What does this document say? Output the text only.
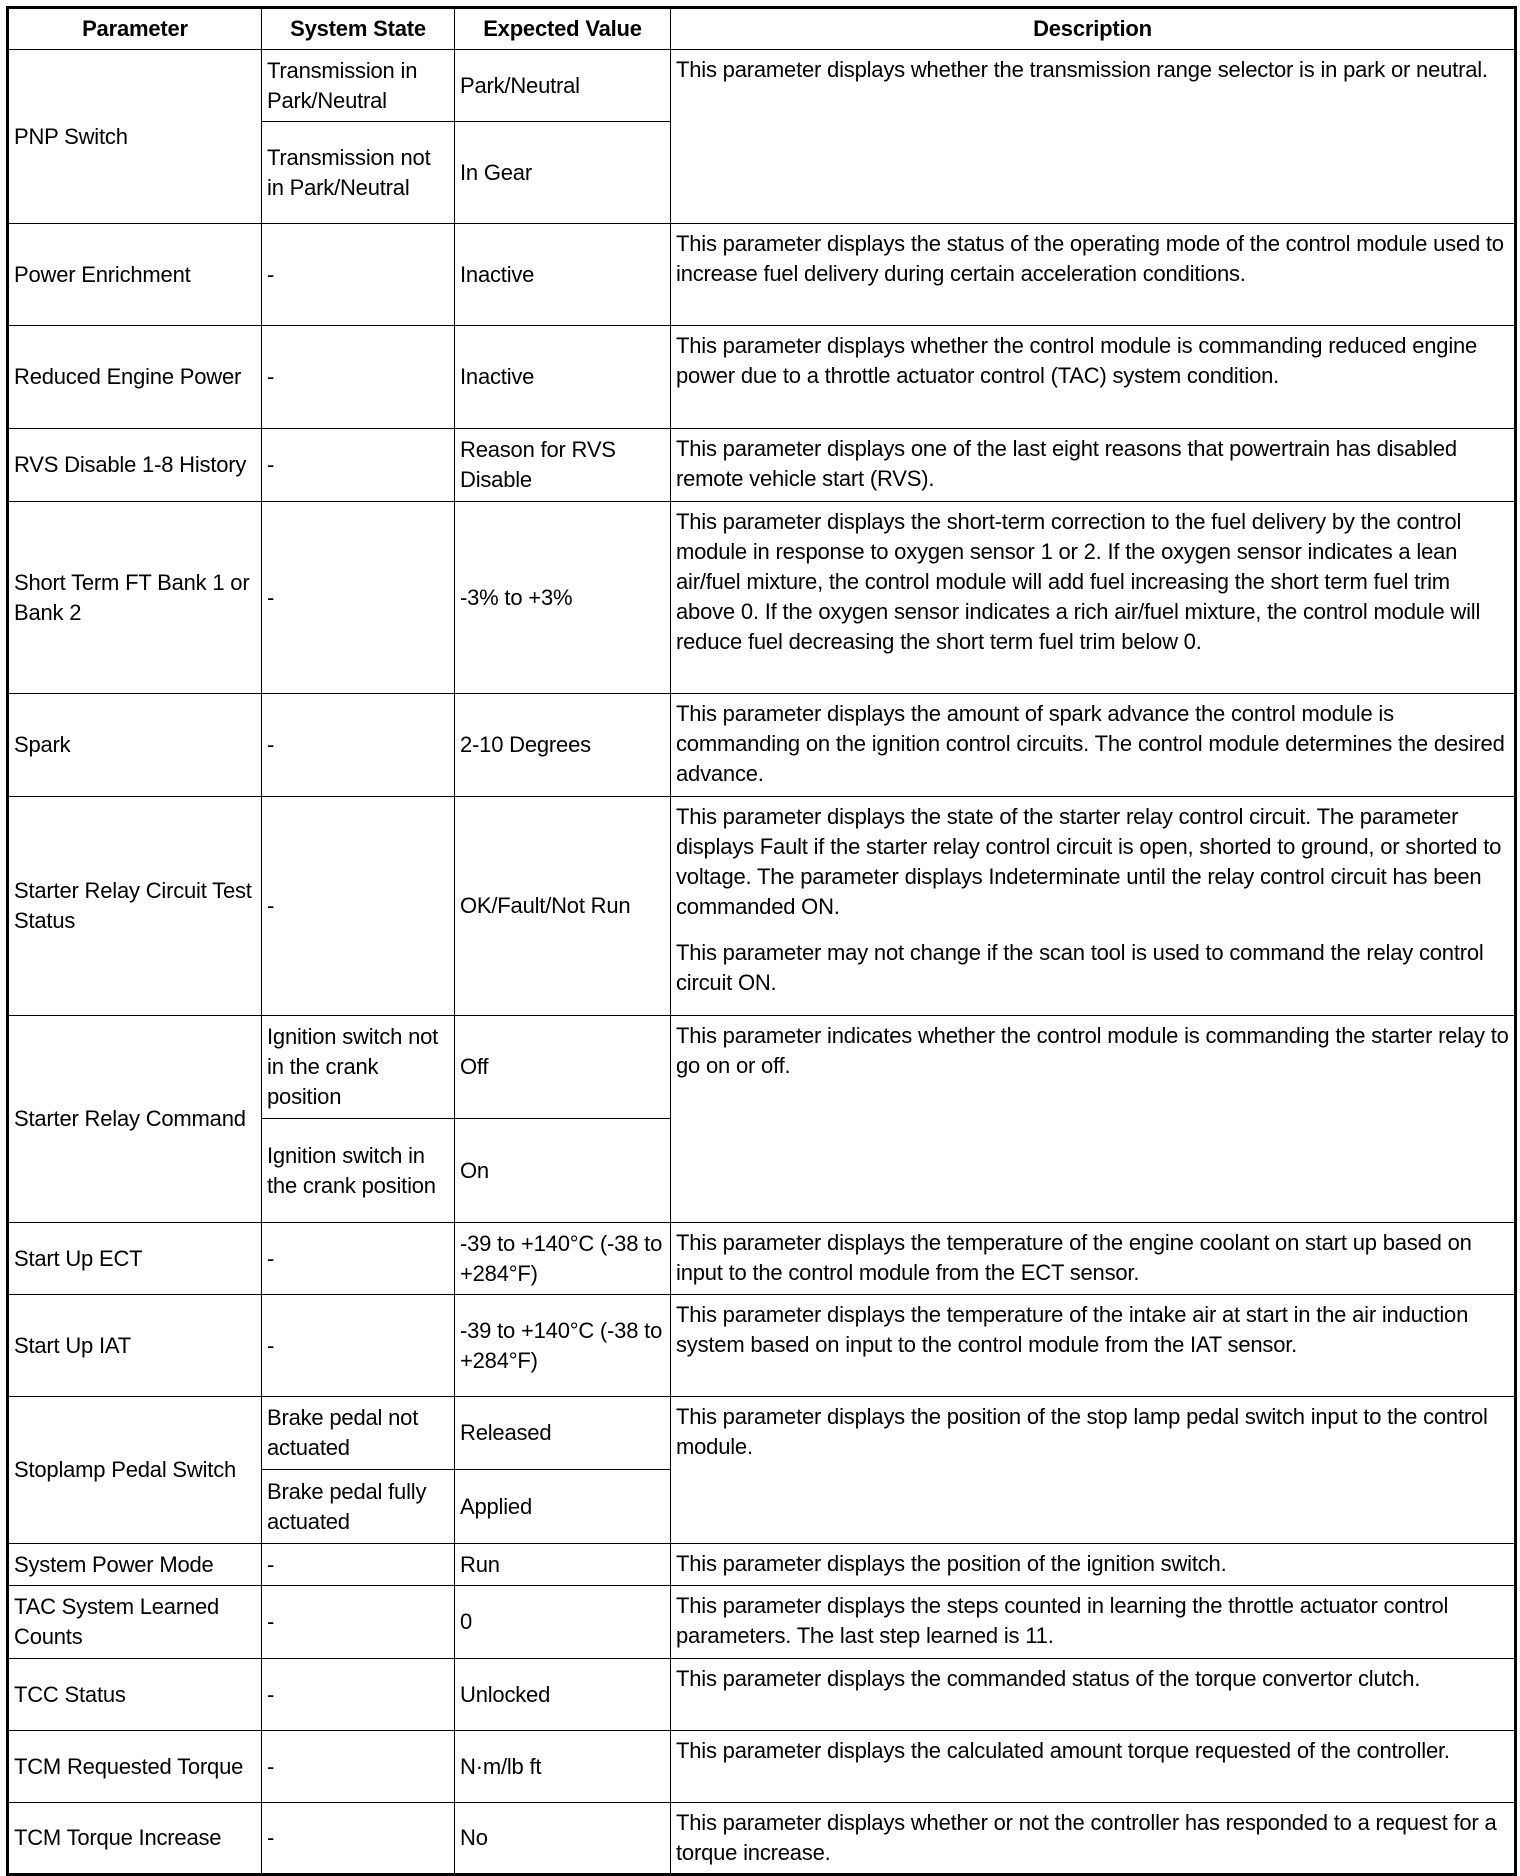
Parameter	System State	Expected Value	Description
PNP Switch	Transmission in Park/Neutral	Park/Neutral	This parameter displays whether the transmission range selector is in park or neutral.
	Transmission not in Park/Neutral	In Gear	
Power Enrichment	-	Inactive	This parameter displays the status of the operating mode of the control module used to increase fuel delivery during certain acceleration conditions.

Reduced Engine Power	-	Inactive	This parameter displays whether the control module is commanding reduced engine power due to a throttle actuator control (TAC) system condition.

RVS Disable 1-8 History	-	Reason for RVS Disable	This parameter displays one of the last eight reasons that powertrain has disabled remote vehicle start (RVS).

Short Term FT Bank 1 or Bank 2	-	-3% to +3%	This parameter displays the short-term correction to the fuel delivery by the control module in response to oxygen sensor 1 or 2. If the oxygen sensor indicates a lean air/fuel mixture, the control module will add fuel increasing the short term fuel trim above 0. If the oxygen sensor indicates a rich air/fuel mixture, the control module will reduce fuel decreasing the short term fuel trim below 0.

Spark	-	2-10 Degrees	This parameter displays the amount of spark advance the control module is commanding on the ignition control circuits. The control module determines the desired advance.

Starter Relay Circuit Test Status	-	OK/Fault/Not Run	This parameter displays the state of the starter relay control circuit. The parameter displays Fault if the starter relay control circuit is open, shorted to ground, or shorted to voltage. The parameter displays Indeterminate until the relay control circuit has been commanded ON.
This parameter may not change if the scan tool is used to command the relay control circuit ON.

Starter Relay Command	Ignition switch not in the crank position	Off	This parameter indicates whether the control module is commanding the starter relay to go on or off.
	Ignition switch in the crank position	On	
Start Up ECT	-	-39 to +140°C (-38 to +284°F)	This parameter displays the temperature of the engine coolant on start up based on input to the control module from the ECT sensor.

Start Up IAT	-	-39 to +140°C (-38 to +284°F)	This parameter displays the temperature of the intake air at start in the air induction system based on input to the control module from the IAT sensor.

Stoplamp Pedal Switch	Brake pedal not actuated	Released	This parameter displays the position of the stop lamp pedal switch input to the control module.
	Brake pedal fully actuated	Applied	
System Power Mode	-	Run	This parameter displays the position of the ignition switch.

TAC System Learned Counts	-	0	This parameter displays the steps counted in learning the throttle actuator control parameters. The last step learned is 11.

TCC Status	-	Unlocked	This parameter displays the commanded status of the torque convertor clutch.

TCM Requested Torque	-	N·m/lb ft	This parameter displays the calculated amount torque requested of the controller.

TCM Torque Increase	-	No	This parameter displays whether or not the controller has responded to a request for a torque increase.
